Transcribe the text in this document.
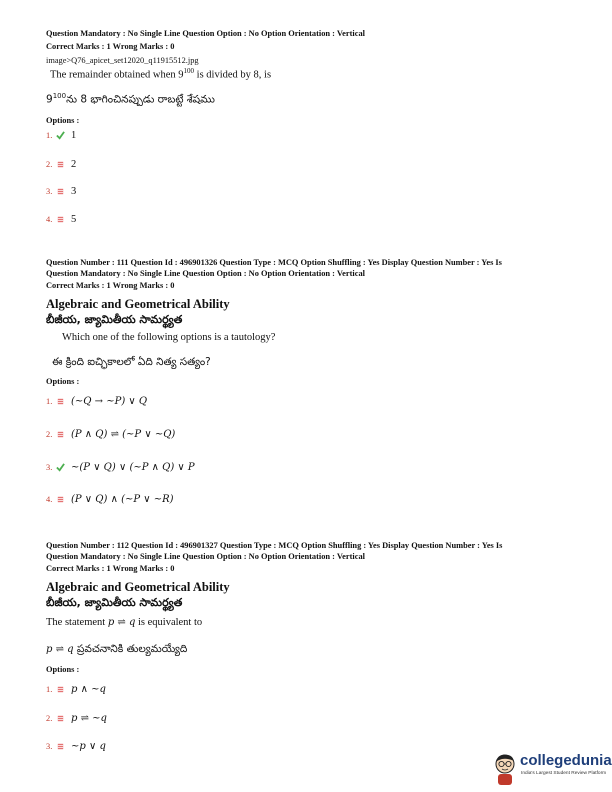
Question Mandatory : No Single Line Question Option : No Option Orientation : Vertical
Correct Marks : 1 Wrong Marks : 0
image>Q76_apicet_set12020_q11915512.jpg
The remainder obtained when $9^{100}$ is divided by 8, is
$9^{100}ను$ 8 భాగించినప్పుడు రాబట్టే శేషము
Options :
1.	1
2.	2
3.	3
4.	5
Question Number : 111 Question Id : 496901326 Question Type : MCQ Option Shuffling : Yes Display Question Number : Yes Is
Question Mandatory : No Single Line Question Option : No Option Orientation : Vertical
Correct Marks : 1 Wrong Marks : 0
Algebraic and Geometrical Ability
బీజీయ, జ్యామితీయ సామర్థ్యత
Which one of the following options is a tautology?
ఈ క్రింది ఐచ్ఛికాలలో ఏది నిత్య సత్యం?
Options :
1.	(~Q → ~P) ∨ Q
2.	(P ∧ Q) ⇌ (~P ∨ ~Q)
3.	~(P ∨ Q) ∨ (~P ∧ Q) ∨ P
4.	(P ∨ Q) ∧ (~P ∨ ~R)
Question Number : 112 Question Id : 496901327 Question Type : MCQ Option Shuffling : Yes Display Question Number : Yes Is
Question Mandatory : No Single Line Question Option : No Option Orientation : Vertical
Correct Marks : 1 Wrong Marks : 0
Algebraic and Geometrical Ability
బీజీయ, జ్యామితీయ సామర్థ్యత
The statement p ⇌ q is equivalent to
p ⇌ q ప్రవచనానికి తుల్యమయ్యేది
Options :
1.	p ∧ ~q
2.	p ⇌ ~q
3.	~p ∨ q
collegedunia
India's Largest Student Review Platform
